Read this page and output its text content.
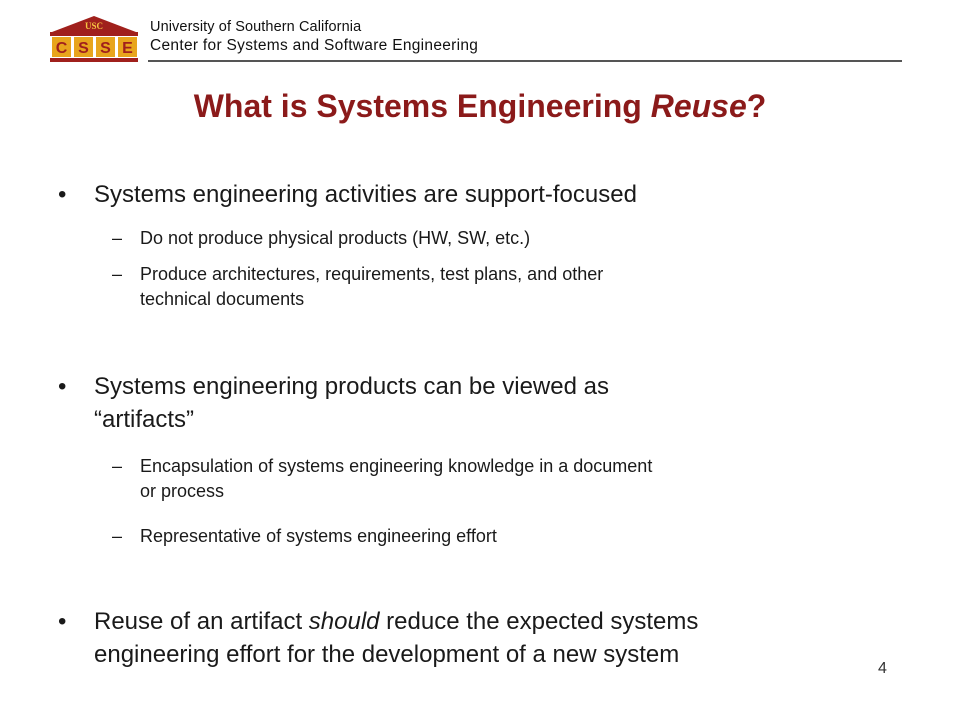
USC
C S S E
University of Southern California
Center for Systems and Software Engineering
What is Systems Engineering Reuse?
• Systems engineering activities are support-focused
– Do not produce physical products (HW, SW, etc.)
– Produce architectures, requirements, test plans, and other
technical documents
• Systems engineering products can be viewed as
“artifacts”
– Encapsulation of systems engineering knowledge in a document
or process
– Representative of systems engineering effort
• Reuse of an artifact should reduce the expected systems
engineering effort for the development of a new system
4
